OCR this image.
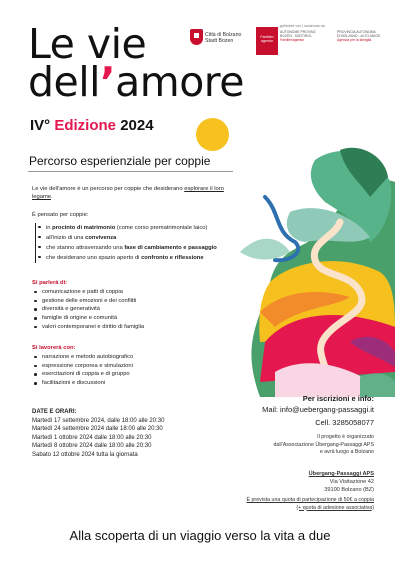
Le vie
dell’amore
Città di Bolzano
Stadt Bozen
Familien
agentur
gefördert von | sostenuto da
AUTONOME PROVINZ
BOZEN - SÜDTIROL
Familienagentur
PROVINCIA AUTONOMA
DI BOLZANO - ALTO ADIGE
Agenzia per la famiglia
IV° Edizione 2024
Percorso esperienziale per coppie
Le vie dell'amore è un percorso per coppie che desiderano esplorare il loro legame.
È pensato per coppie:
in procinto di matrimonio (come corso prematrimoniale laico)
all'inizio di una convivenza
che stanno attraversando una fase di cambiamento e passaggio
che desiderano uno spazio aperto di confronto e riflessione
Si parlerà di:
comunicazione e patti di coppia
gestione delle emozioni e dei conflitti
diversità e generatività
famiglie di origine e comunità
valori contemporanei e diritto di famiglia
Si lavorerà con:
narrazione e metodo autobiografico
espressione corporea e simulazioni
esercitazioni di coppia e di gruppo
facilitazioni e discussioni
DATE E ORARI:
Martedì 17 settembre 2024, dalle 18:00 alle 20:30
Martedì 24 settembre 2024 dalle 18:00 alle 20:30
Martedì 1 ottobre 2024 dalle 18:00 alle 20:30
Martedì 8 ottobre 2024 dalle 18:00 alle 20:30
Sabato 12 ottobre 2024 tutta la giornata
Per iscrizioni e info:
Mail: info@uebergang-passaggi.it
Cell. 3285058077
Il progetto è organizzato
dall'Associazione Übergang-Passaggi APS
e avrà luogo a Bolzano
Übergang-Passaggi APS
Via Visitazione 42
39100 Bolzano (BZ)
È prevista una quota di partecipazione di 50€ a coppia
(+ quota di adesione associativa)
Alla scoperta di un viaggio verso la vita a due
